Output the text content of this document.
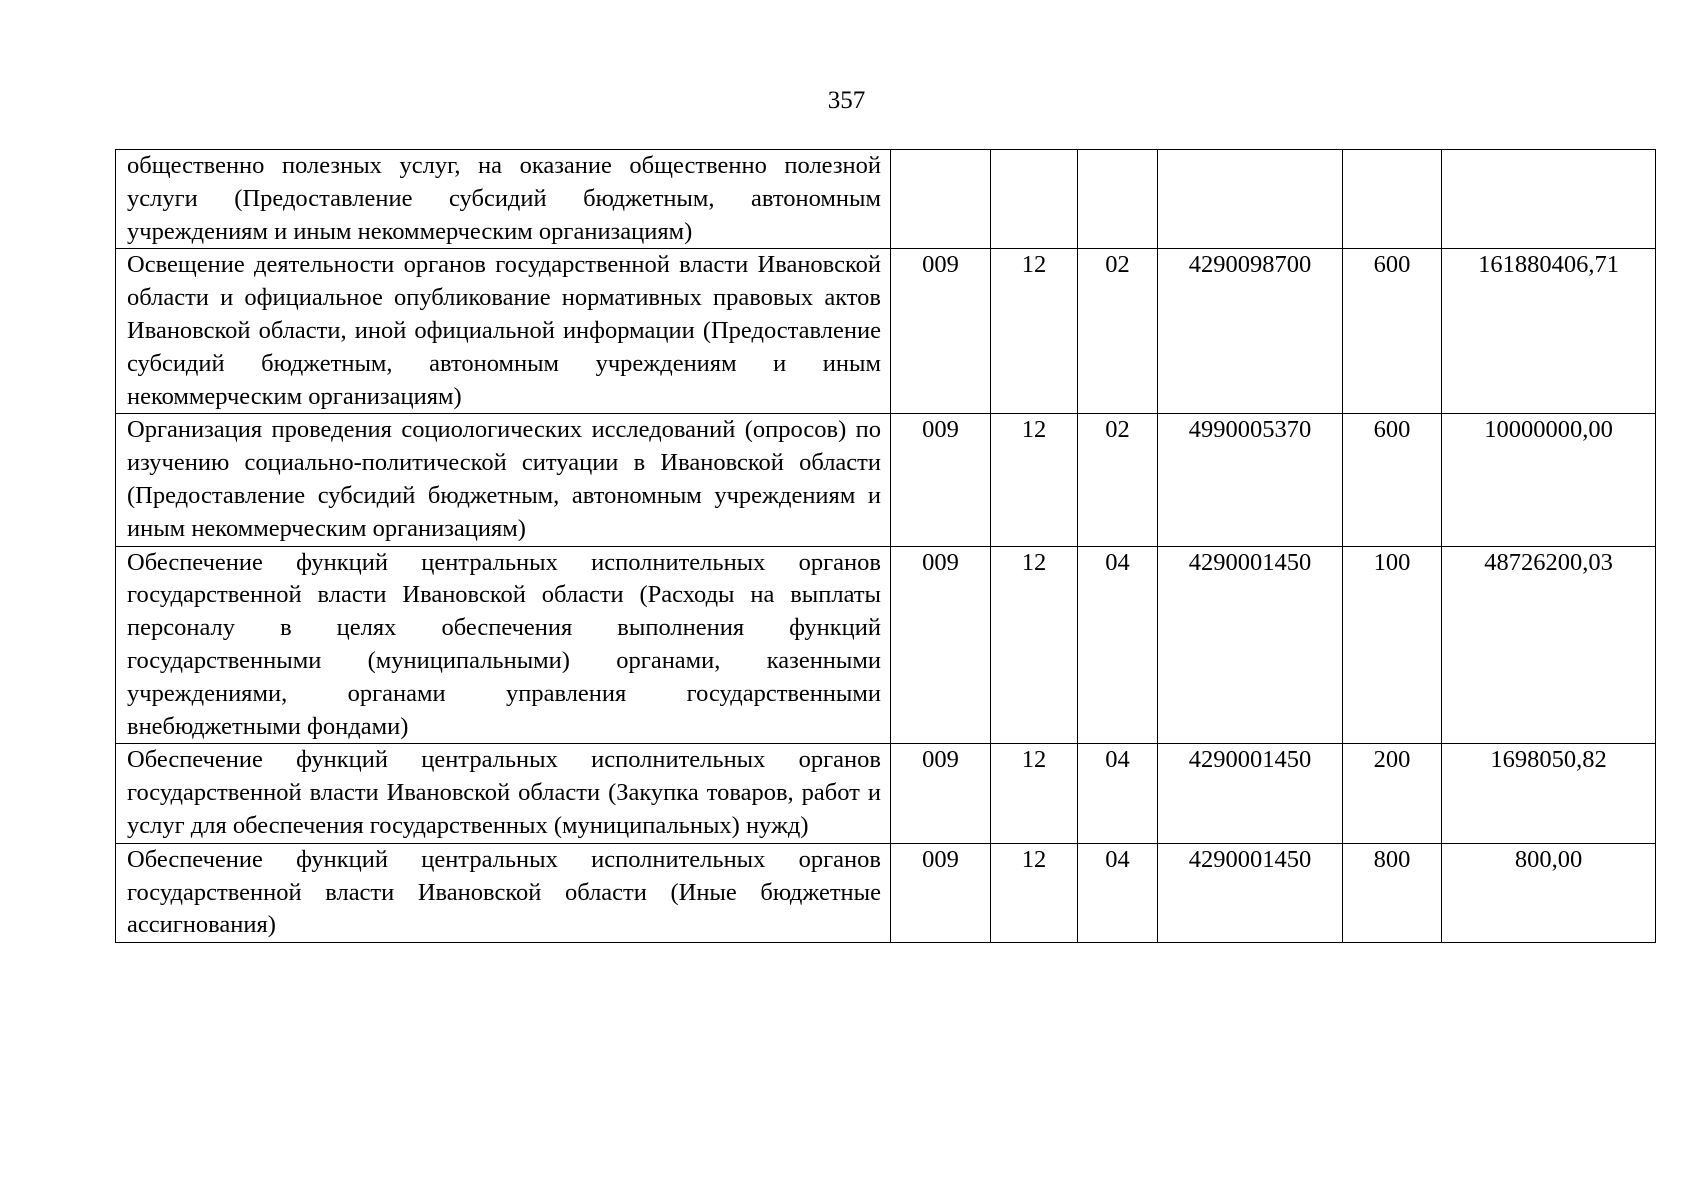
357
общественно полезных услуг, на оказание общественно полезной услуги (Предоставление субсидий бюджетным, автономным учреждениям и иным некоммерческим организациям)						
Освещение деятельности органов государственной власти Ивановской области и официальное опубликование нормативных правовых актов Ивановской области, иной официальной информации (Предоставление субсидий бюджетным, автономным учреждениям и иным некоммерческим организациям)	009	12	02	4290098700	600	161880406,71
Организация проведения социологических исследований (опросов) по изучению социально-политической ситуации в Ивановской области (Предоставление субсидий бюджетным, автономным учреждениям и иным некоммерческим организациям)	009	12	02	4990005370	600	10000000,00
Обеспечение функций центральных исполнительных органов государственной власти Ивановской области (Расходы на выплаты персоналу в целях обеспечения выполнения функций государственными (муниципальными) органами, казенными учреждениями, органами управления государственными внебюджетными фондами)	009	12	04	4290001450	100	48726200,03
Обеспечение функций центральных исполнительных органов государственной власти Ивановской области (Закупка товаров, работ и услуг для обеспечения государственных (муниципальных) нужд)	009	12	04	4290001450	200	1698050,82
Обеспечение функций центральных исполнительных органов государственной власти Ивановской области (Иные бюджетные ассигнования)	009	12	04	4290001450	800	800,00
